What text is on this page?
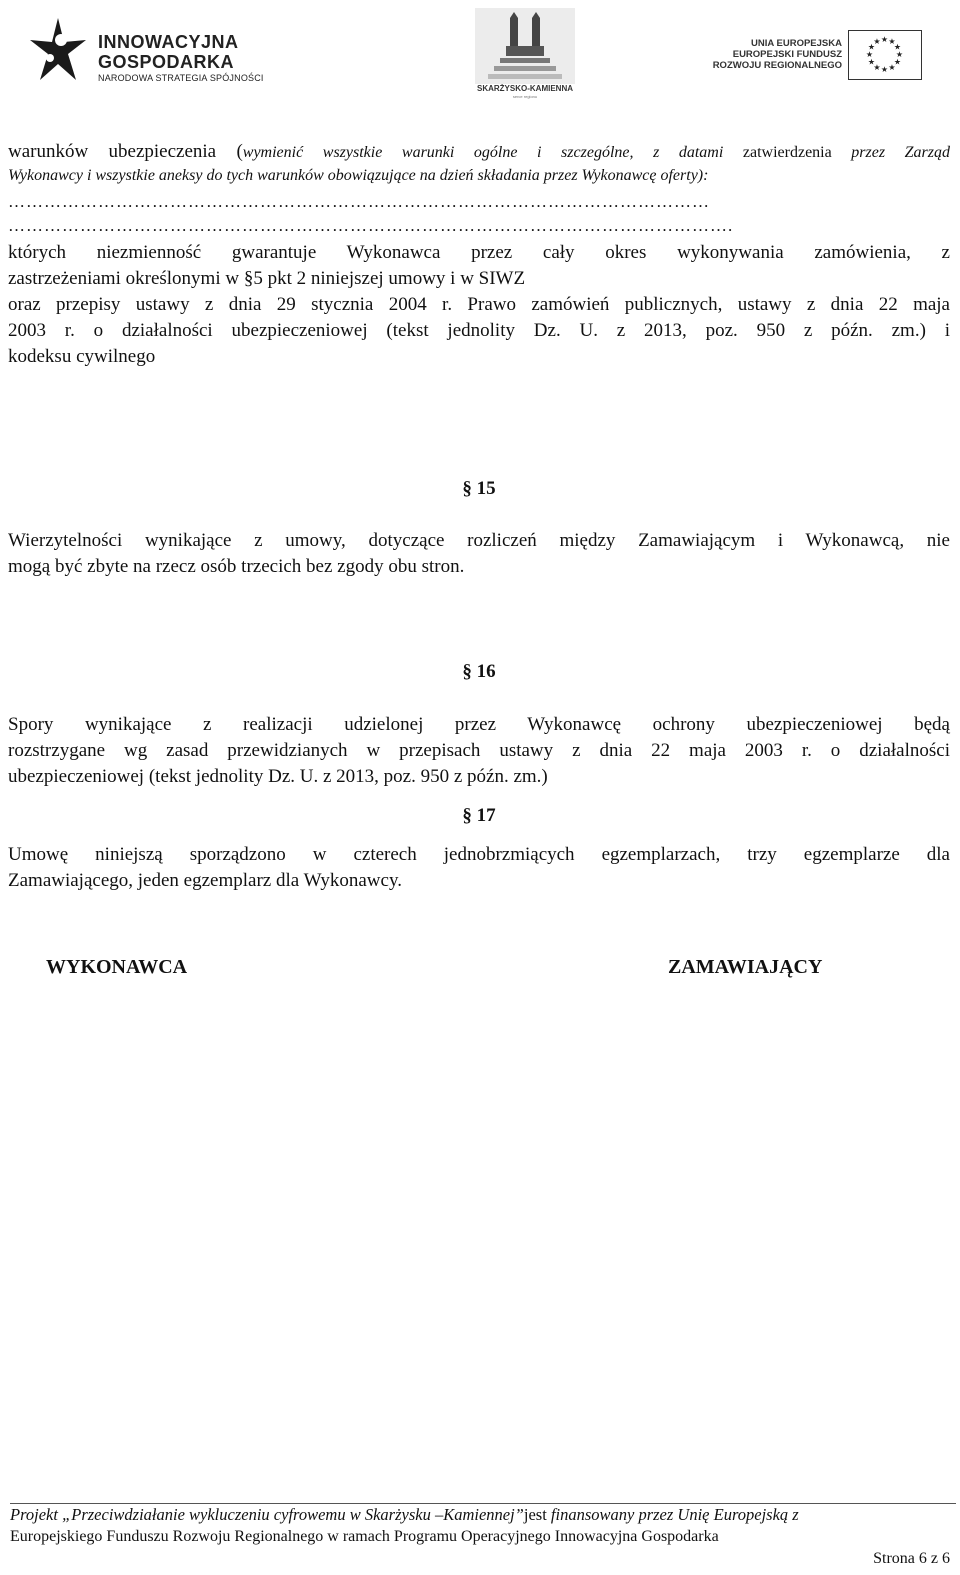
INNOWACYJNA
GOSPODARKA
NARODOWA STRATEGIA SPÓJNOŚCI
SKARŻYSKO-KAMIENNA
serce regionu
UNIA EUROPEJSKA
EUROPEJSKI FUNDUSZ
ROZWOJU REGIONALNEGO
★ ★
★
★
★
★
★
★
★
★
★
★

warunków ubezpieczenia (wymienić wszystkie warunki ogólne i szczególne, z datami zatwierdzenia przez Zarząd

Wykonawcy i wszystkie aneksy do tych warunków obowiązujące na dzień składania przez Wykonawcę oferty):

………………………………………………………………………………………………………
………………………………………………………………………………………………………….

których niezmienność gwarantuje Wykonawca przez cały okres wykonywania zamówienia, z

zastrzeżeniami określonymi w §5 pkt 2 niniejszej umowy i w SIWZ

oraz przepisy ustawy z dnia 29 stycznia 2004 r. Prawo zamówień publicznych, ustawy z dnia 22 maja

2003 r. o działalności ubezpieczeniowej (tekst jednolity Dz. U. z 2013, poz. 950 z późn. zm.) i

kodeksu cywilnego

§ 15

Wierzytelności wynikające z umowy, dotyczące rozliczeń między Zamawiającym i Wykonawcą, nie

mogą być zbyte na rzecz osób trzecich bez zgody obu stron.

§ 16

Spory wynikające z realizacji udzielonej przez Wykonawcę ochrony ubezpieczeniowej będą

rozstrzygane wg zasad przewidzianych w przepisach ustawy z dnia 22 maja 2003 r. o działalności

ubezpieczeniowej (tekst jednolity Dz. U. z 2013, poz. 950 z późn. zm.)

§ 17

Umowę niniejszą sporządzono w czterech jednobrzmiących egzemplarzach, trzy egzemplarze dla

Zamawiającego, jeden egzemplarz dla Wykonawcy.

WYKONAWCA	ZAMAWIAJĄCY
Projekt „Przeciwdziałanie wykluczeniu cyfrowemu w Skarżysku –Kamiennej”jest finansowany przez Unię Europejską z
Europejskiego Funduszu Rozwoju Regionalnego w ramach Programu Operacyjnego Innowacyjna Gospodarka
Strona 6 z 6
